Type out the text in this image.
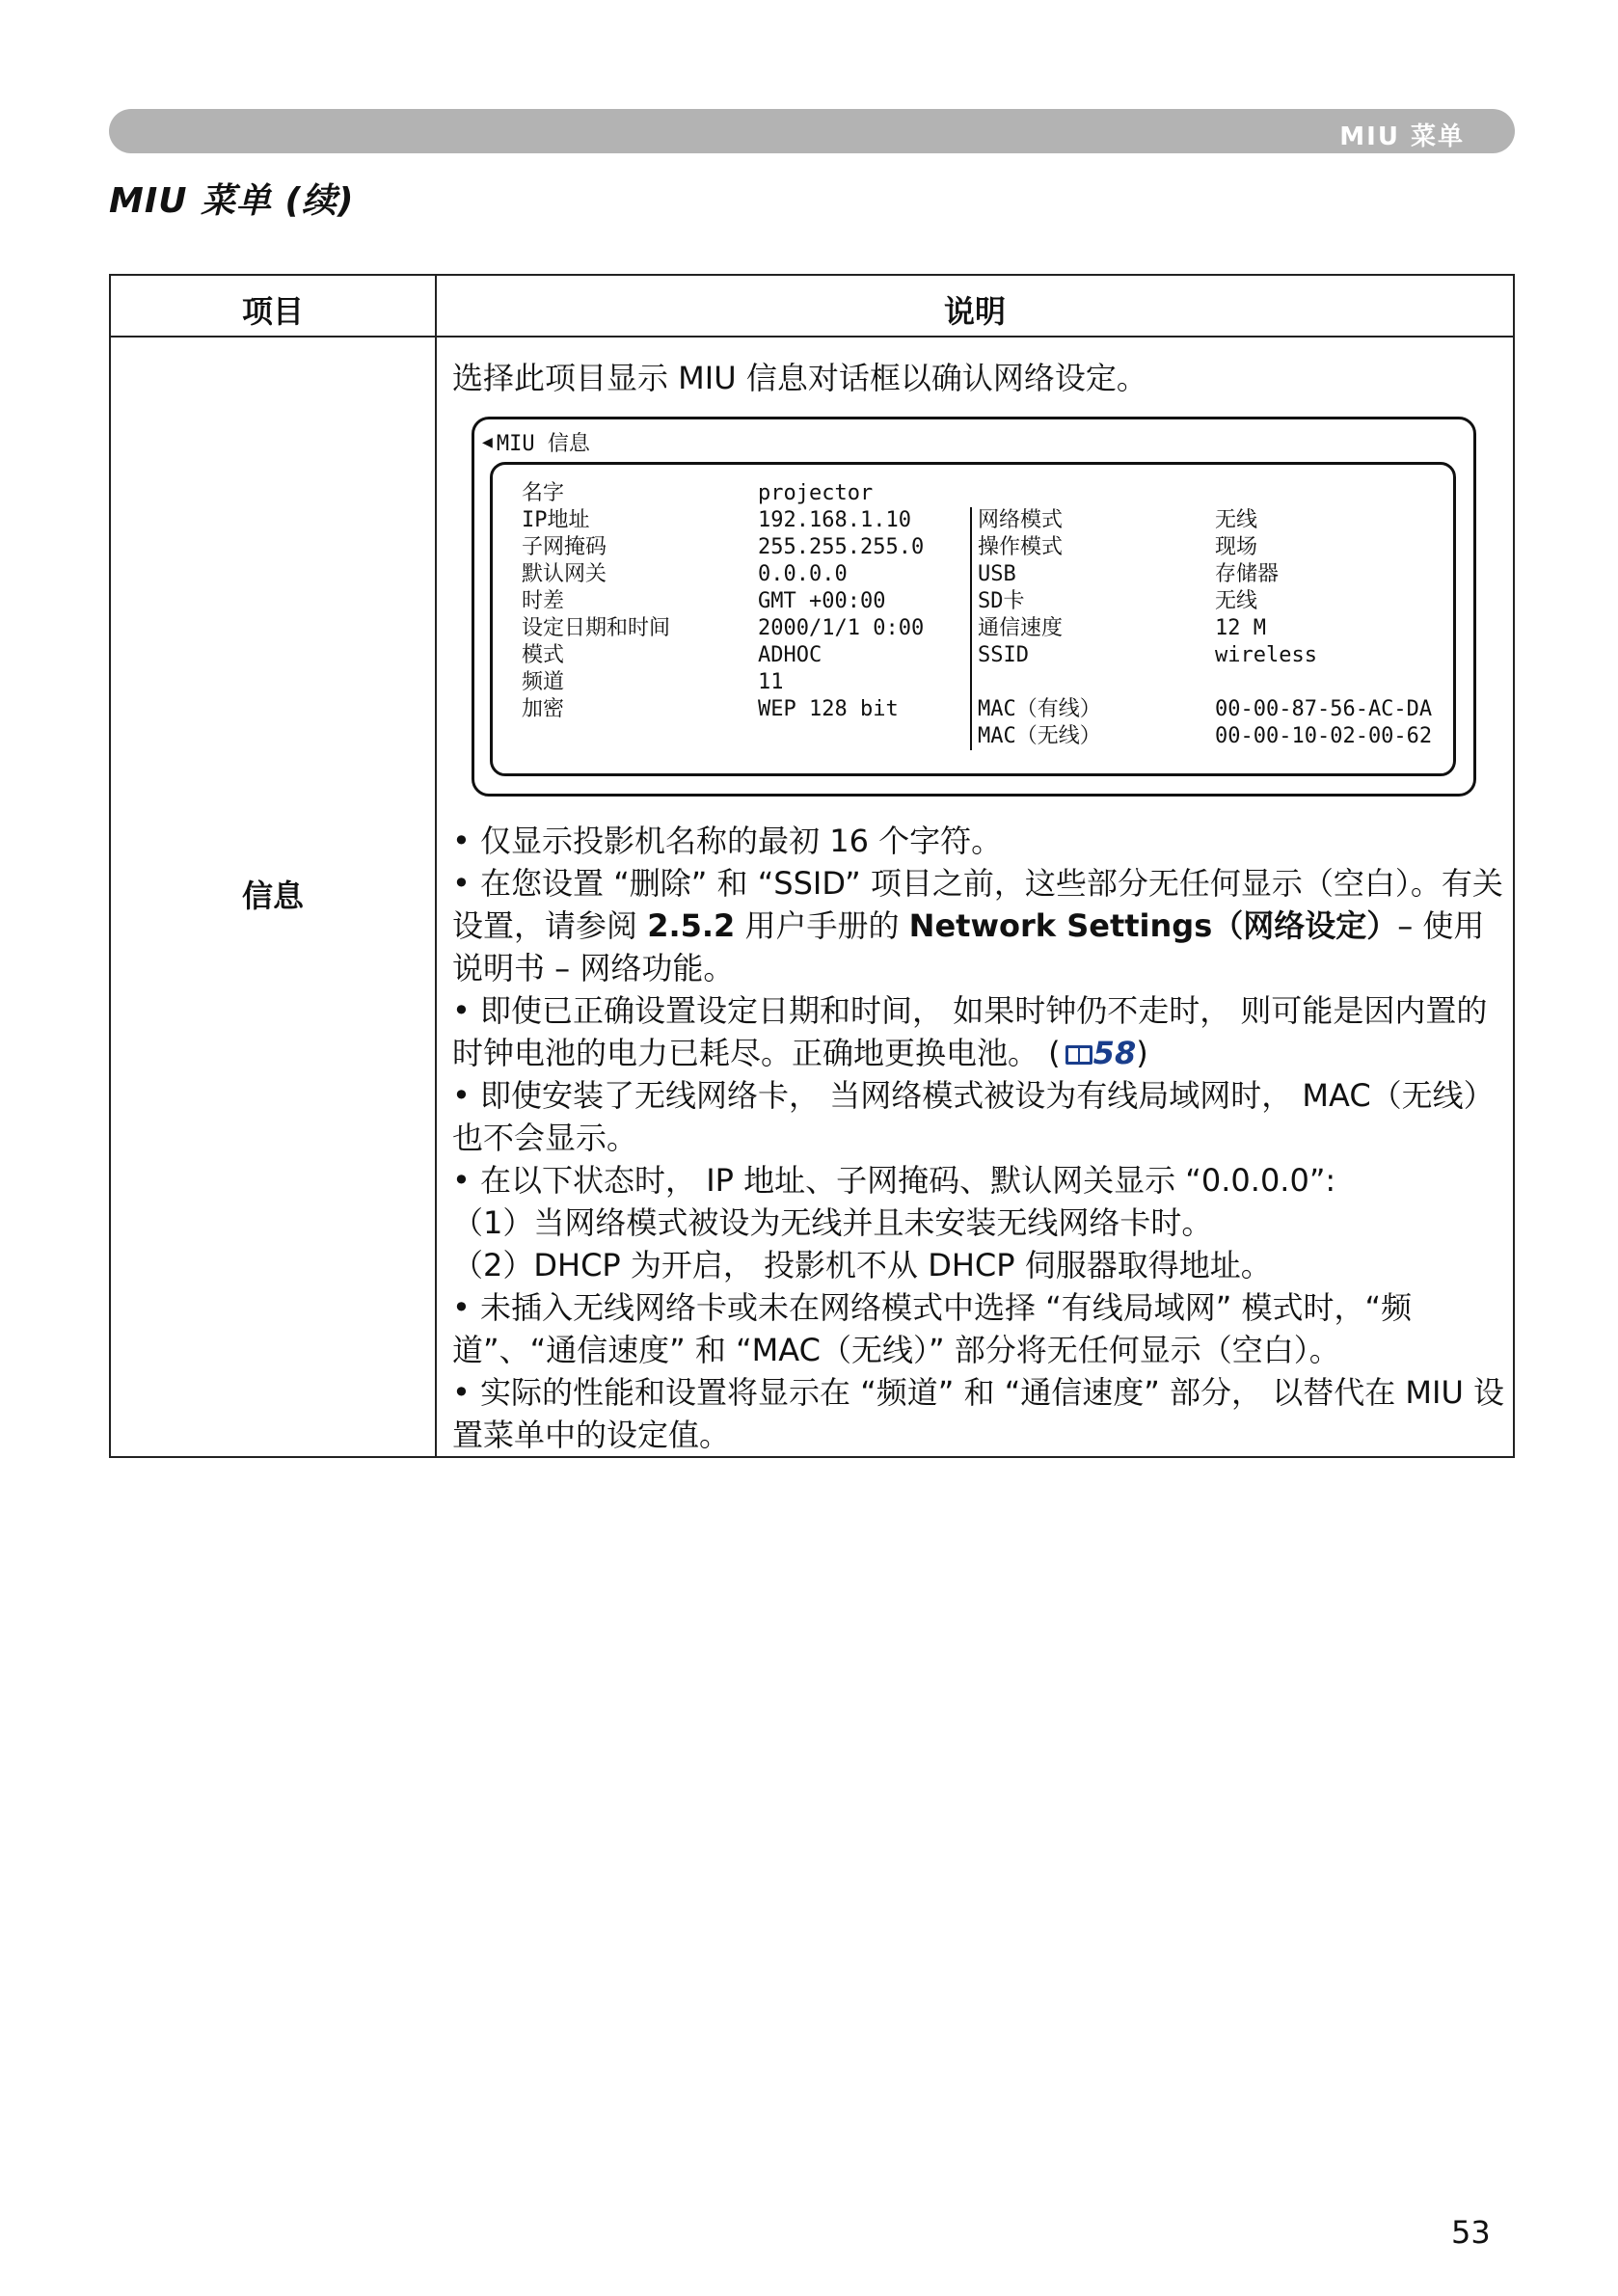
MIU 菜单
MIU 菜单 (续)
项目	说明
信息
选择此项目显示 MIU 信息对话框以确认网络设定。
◀ MIU 信息
名字	projector
IP地址	192.168.1.10
子网掩码	255.255.255.0
默认网关	0.0.0.0
时差	GMT +00:00
设定日期和时间	2000/1/1 0:00
模式	ADHOC
频道	11
加密	WEP 128 bit
网络模式	无线
操作模式	现场
USB	存储器
SD卡	无线
通信速度	12 M
SSID	wireless
MAC（有线）	00-00-87-56-AC-DA
MAC（无线）	00-00-10-02-00-62

• 仅显示投影机名称的最初 16 个字符。

• 在您设置 “删除” 和 “SSID” 项目之前，这些部分无任何显示（空白）。有关设置，请参阅 2.5.2 用户手册的 Network Settings（网络设定）– 使用说明书 – 网络功能。

• 即使已正确设置设定日期和时间， 如果时钟仍不走时， 则可能是因内置的时钟电池的电力已耗尽。正确地更换电池。 ( 58)

• 即使安装了无线网络卡， 当网络模式被设为有线局域网时， MAC（无线）也不会显示。

• 在以下状态时， IP 地址、子网掩码、默认网关显示 “0.0.0.0”:

（1）当网络模式被设为无线并且未安装无线网络卡时。

（2）DHCP 为开启， 投影机不从 DHCP 伺服器取得地址。

• 未插入无线网络卡或未在网络模式中选择 “有线局域网” 模式时，“频道”、“通信速度” 和 “MAC（无线）” 部分将无任何显示（空白）。

• 实际的性能和设置将显示在 “频道” 和 “通信速度” 部分， 以替代在 MIU 设置菜单中的设定值。

53
